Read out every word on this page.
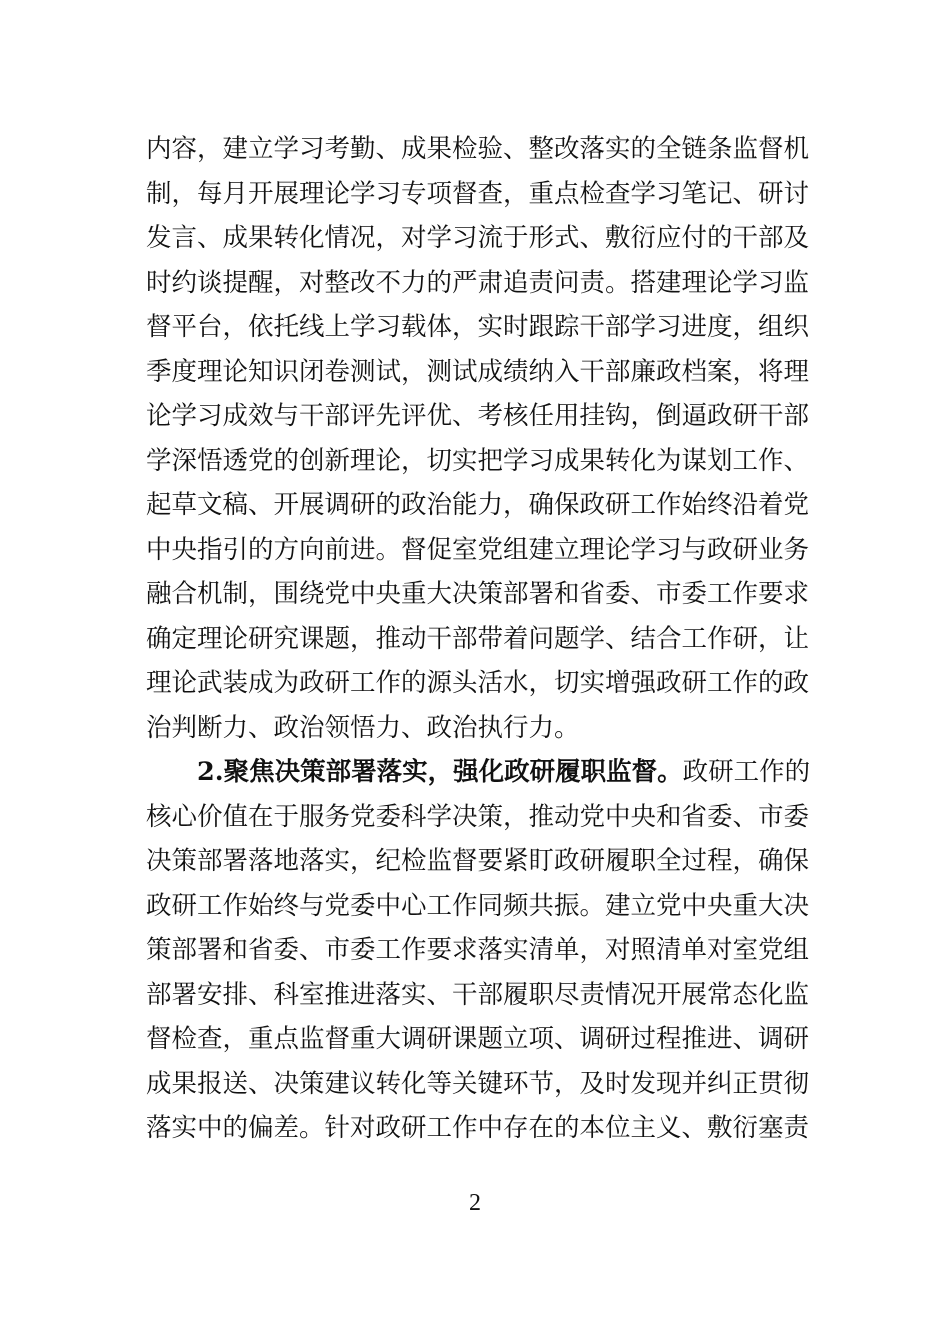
内容，建立学习考勤、成果检验、整改落实的全链条监督机
制，每月开展理论学习专项督查，重点检查学习笔记、研讨
发言、成果转化情况，对学习流于形式、敷衍应付的干部及
时约谈提醒，对整改不力的严肃追责问责。搭建理论学习监
督平台，依托线上学习载体，实时跟踪干部学习进度，组织
季度理论知识闭卷测试，测试成绩纳入干部廉政档案，将理
论学习成效与干部评先评优、考核任用挂钩，倒逼政研干部
学深悟透党的创新理论，切实把学习成果转化为谋划工作、
起草文稿、开展调研的政治能力，确保政研工作始终沿着党
中央指引的方向前进。督促室党组建立理论学习与政研业务
融合机制，围绕党中央重大决策部署和省委、市委工作要求
确定理论研究课题，推动干部带着问题学、结合工作研，让
理论武装成为政研工作的源头活水，切实增强政研工作的政
治判断力、政治领悟力、政治执行力。
2.聚焦决策部署落实，强化政研履职监督。政研工作的
核心价值在于服务党委科学决策，推动党中央和省委、市委
决策部署落地落实，纪检监督要紧盯政研履职全过程，确保
政研工作始终与党委中心工作同频共振。建立党中央重大决
策部署和省委、市委工作要求落实清单，对照清单对室党组
部署安排、科室推进落实、干部履职尽责情况开展常态化监
督检查，重点监督重大调研课题立项、调研过程推进、调研
成果报送、决策建议转化等关键环节，及时发现并纠正贯彻
落实中的偏差。针对政研工作中存在的本位主义、敷衍塞责
2
